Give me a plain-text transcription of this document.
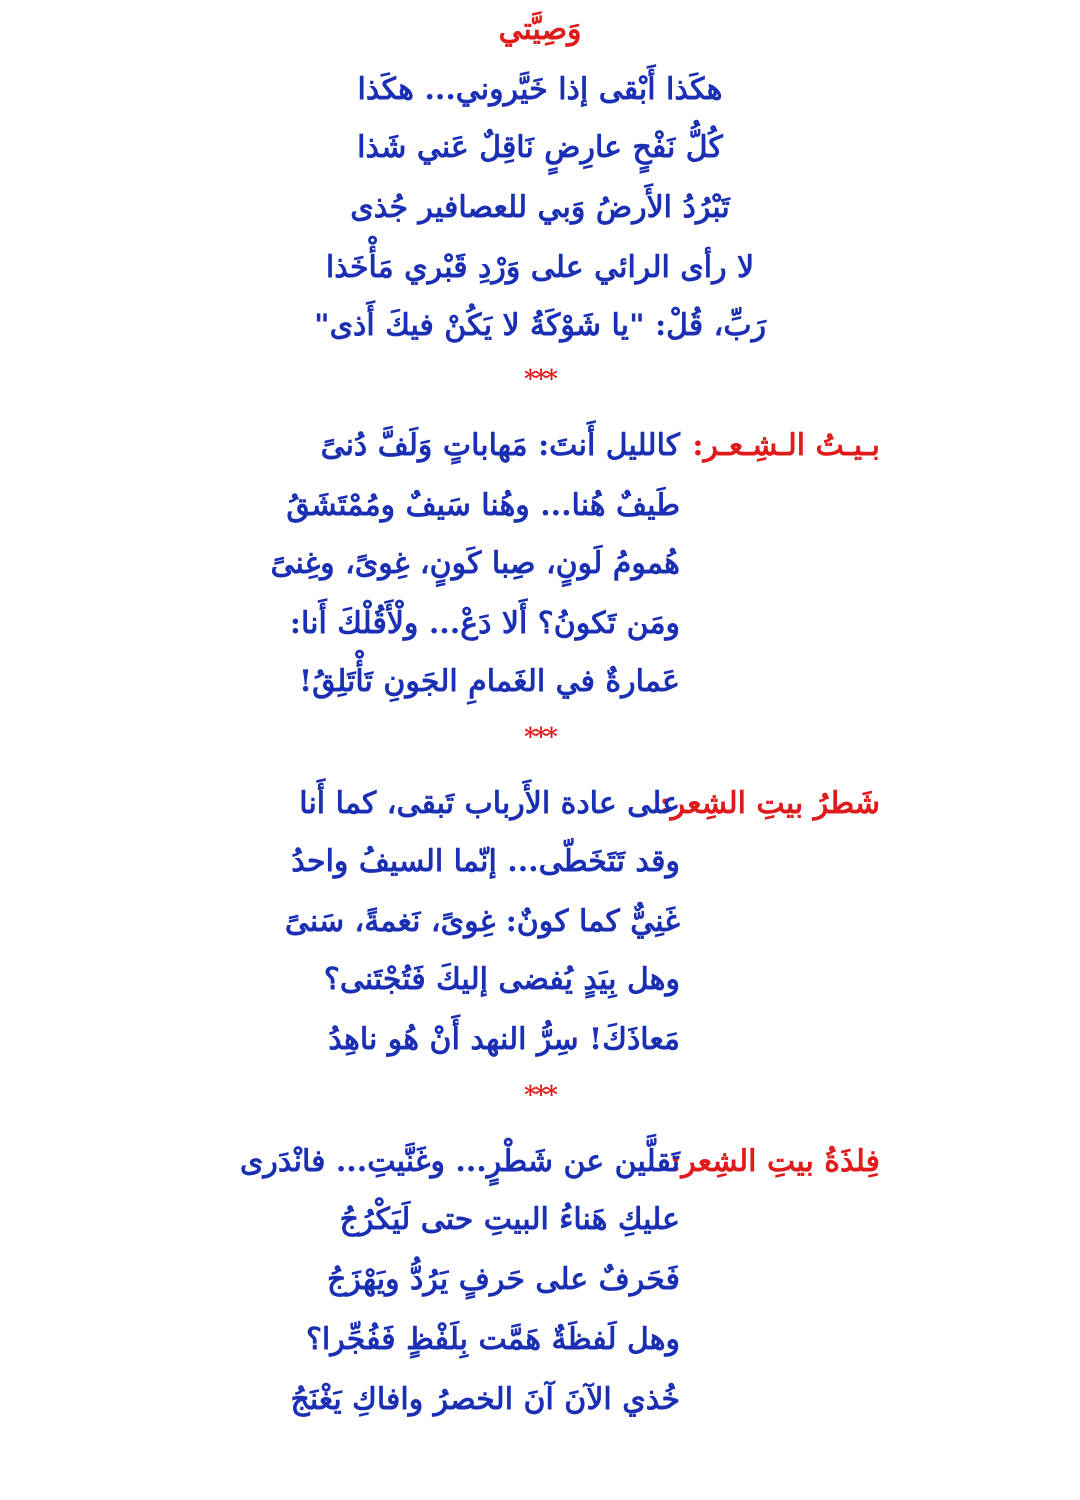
وَصِيَّتي
هكَذا أَبْقى إذا خَيَّروني... هكَذا
كُلُّ نَفْحٍ عارِضٍ نَاقِلٌ عَني شَذا
تَبْرُدُ الأَرضُ وَبي للعصافير جُذى
لا رأى الرائي على وَرْدِ قَبْري مَأْخَذا
رَبِّ، قُلْ: "يا شَوْكَةُ لا يَكُنْ فيكَ أَذى"
***
بـيـتُ الـشِـعـر:
كالليل أَنتَ: مَهاباتٍ وَلَفَّ دُنىً
طَيفٌ هُنا... وهُنا سَيفٌ ومُمْتَشَقُ
هُمومُ لَونٍ، صِبا كَونٍ، غِوىً، وغِنىً
ومَن تَكونُ؟ أَلا دَعْ... ولْأَقُلْكَ أَنا:
عَمارةٌ في الغَمامِ الجَونِ تَأْتَلِقُ!
***
شَطرُ بيتِ الشِعر:
على عادة الأَرباب تَبقى، كما أَنا
وقد تَتَخَطّى... إنّما السيفُ واحدُ
غَنِيٌّ كما كونٌ: غِوىً، نَغمةً، سَنىً
وهل بِيَدٍ يُفضى إليكَ فَتُجْتَنى؟
مَعاذَكَ! سِرُّ النهد أَنْ هُو ناهِدُ
***
فِلذَةُ بيتِ الشِعر:
تَقلَّين عن شَطْرٍ... وغَنَّيتِ... فانْدَرى
عليكِ هَناءُ البيتِ حتى لَيَكْرُجُ
فَحَرفٌ على حَرفٍ يَرُدُّ ويَهْزَجُ
وهل لَفظَةٌ هَمَّت بِلَفْظٍ فَفُجِّرا؟
خُذي الآنَ آنَ الخصرُ وافاكِ يَغْنَجُ
